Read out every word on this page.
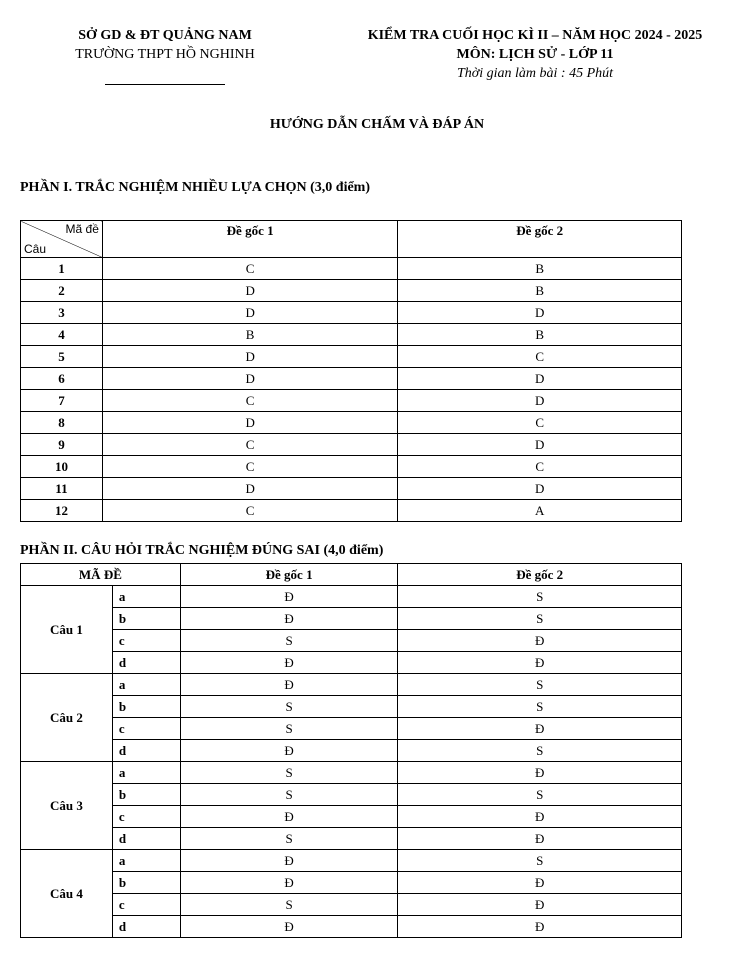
SỞ GD & ĐT QUẢNG NAM
TRƯỜNG THPT HỒ NGHINH
KIỂM TRA CUỐI HỌC KÌ II – NĂM HỌC 2024 - 2025
MÔN: LỊCH SỬ - LỚP 11
Thời gian làm bài : 45 Phút
HƯỚNG DẪN CHẤM VÀ ĐÁP ÁN
PHẦN I. TRẮC NGHIỆM NHIỀU LỰA CHỌN (3,0 điểm)
Mã đề
Câu	Đề gốc 1	Đề gốc 2
1	C	B
2	D	B
3	D	D
4	B	B
5	D	C
6	D	D
7	C	D
8	D	C
9	C	D
10	C	C
11	D	D
12	C	A
PHẦN II. CÂU HỎI TRẮC NGHIỆM ĐÚNG SAI (4,0 điểm)
MÃ ĐỀ		Đề gốc 1	Đề gốc 2
Câu 1	a	Đ	S
	b	Đ	S
	c	S	Đ
	d	Đ	Đ
Câu 2	a	Đ	S
	b	S	S
	c	S	Đ
	d	Đ	S
Câu 3	a	S	Đ
	b	S	S
	c	Đ	Đ
	d	S	Đ
Câu 4	a	Đ	S
	b	Đ	Đ
	c	S	Đ
	d	Đ	Đ
